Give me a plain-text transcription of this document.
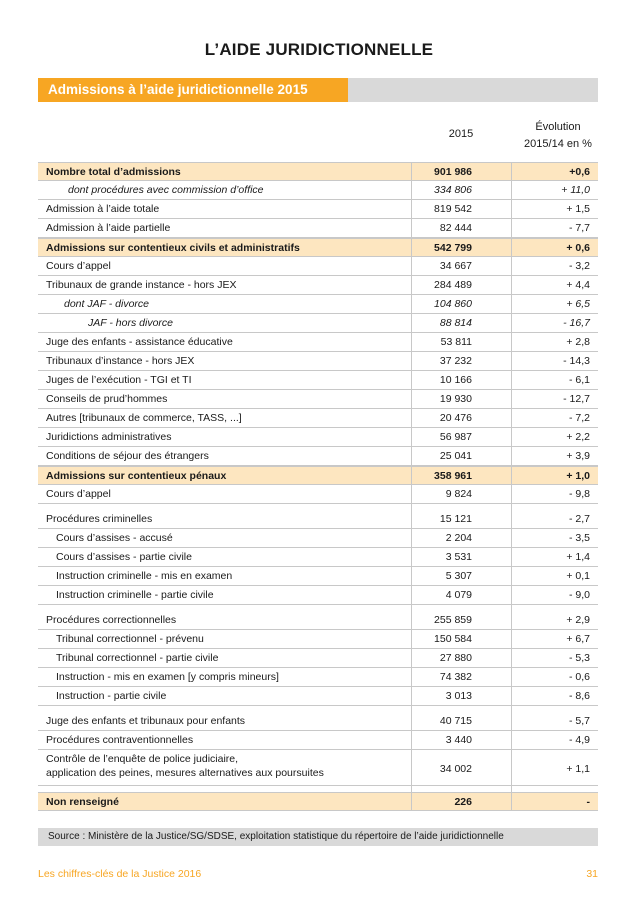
L’AIDE JURIDICTIONNELLE
Admissions à l’aide juridictionnelle 2015
2015
Évolution
2015/14 en %
Nombre total d’admissions	901 986	+0,6
dont procédures avec commission d’office	334 806	+ 11,0
Admission à l’aide totale	819 542	+ 1,5
Admission à l’aide partielle	82 444	- 7,7
Admissions sur contentieux civils et administratifs	542 799	+ 0,6
Cours d’appel	34 667	- 3,2
Tribunaux de grande instance - hors JEX	284 489	+ 4,4
dont JAF - divorce	104 860	+ 6,5
JAF - hors divorce	88 814	- 16,7
Juge des enfants - assistance éducative	53 811	+ 2,8
Tribunaux d’instance - hors JEX	37 232	- 14,3
Juges de l’exécution - TGI et TI	10 166	- 6,1
Conseils de prud’hommes	19 930	- 12,7
Autres [tribunaux de commerce, TASS, ...]	20 476	- 7,2
Juridictions administratives	56 987	+ 2,2
Conditions de séjour des étrangers	25 041	+ 3,9
Admissions sur contentieux pénaux	358 961	+ 1,0
Cours d’appel	9 824	- 9,8
Procédures criminelles	15 121	- 2,7
Cours d’assises - accusé	2 204	- 3,5
Cours d’assises - partie civile	3 531	+ 1,4
Instruction criminelle - mis en examen	5 307	+ 0,1
Instruction criminelle - partie civile	4 079	- 9,0
Procédures correctionnelles	255 859	+ 2,9
Tribunal correctionnel - prévenu	150 584	+ 6,7
Tribunal correctionnel - partie civile	27 880	- 5,3
Instruction - mis en examen [y compris mineurs]	74 382	- 0,6
Instruction - partie civile	3 013	- 8,6
Juge des enfants et tribunaux pour enfants	40 715	- 5,7
Procédures contraventionnelles	3 440	- 4,9
Contrôle de l’enquête de police judiciaire,
application des peines, mesures alternatives aux poursuites	34 002	+ 1,1
Non renseigné	226	-
Source : Ministère de la Justice/SG/SDSE, exploitation statistique du répertoire de l’aide juridictionnelle
Les chiffres-clés de la Justice 2016	31
